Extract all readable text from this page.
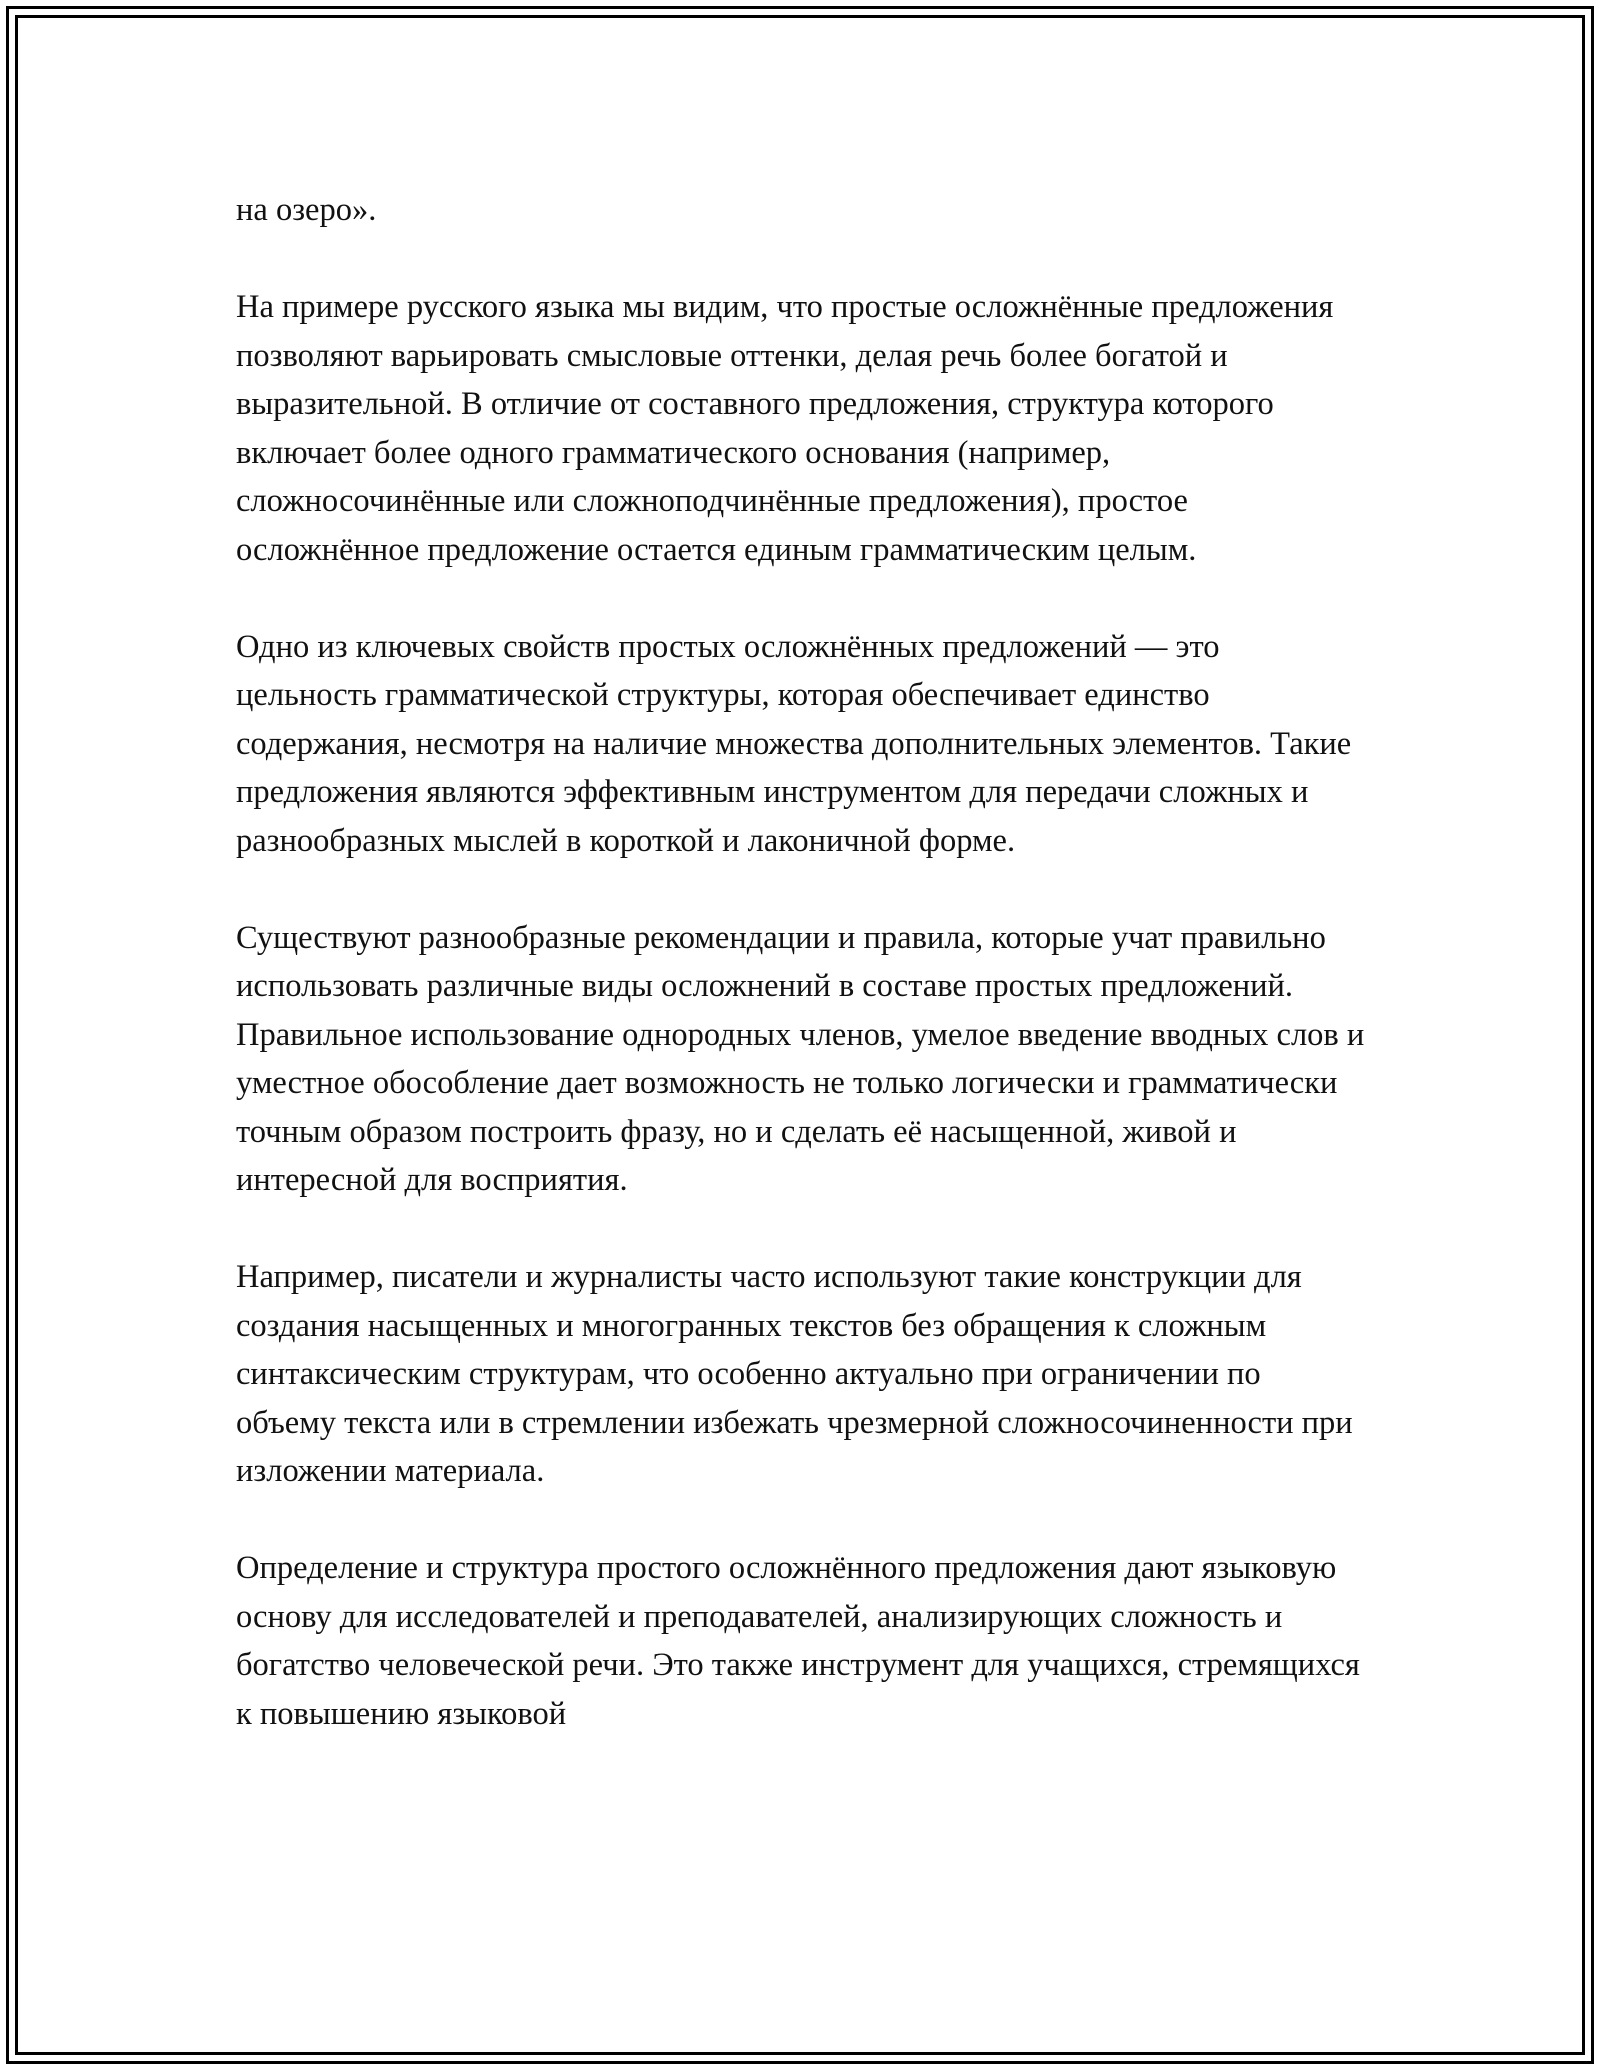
на озеро».

На примере русского языка мы видим, что простые осложнённые предложения позволяют варьировать смысловые оттенки, делая речь более богатой и выразительной. В отличие от составного предложения, структура которого включает более одного грамматического основания (например, сложносочинённые или сложноподчинённые предложения), простое осложнённое предложение остается единым грамматическим целым.

Одно из ключевых свойств простых осложнённых предложений — это цельность грамматической структуры, которая обеспечивает единство содержания, несмотря на наличие множества дополнительных элементов. Такие предложения являются эффективным инструментом для передачи сложных и разнообразных мыслей в короткой и лаконичной форме.

Существуют разнообразные рекомендации и правила, которые учат правильно использовать различные виды осложнений в составе простых предложений. Правильное использование однородных членов, умелое введение вводных слов и уместное обособление дает возможность не только логически и грамматически точным образом построить фразу, но и сделать её насыщенной, живой и интересной для восприятия.

Например, писатели и журналисты часто используют такие конструкции для создания насыщенных и многогранных текстов без обращения к сложным синтаксическим структурам, что особенно актуально при ограничении по объему текста или в стремлении избежать чрезмерной сложносочиненности при изложении материала.

Определение и структура простого осложнённого предложения дают языковую основу для исследователей и преподавателей, анализирующих сложность и богатство человеческой речи. Это также инструмент для учащихся, стремящихся к повышению языковой
